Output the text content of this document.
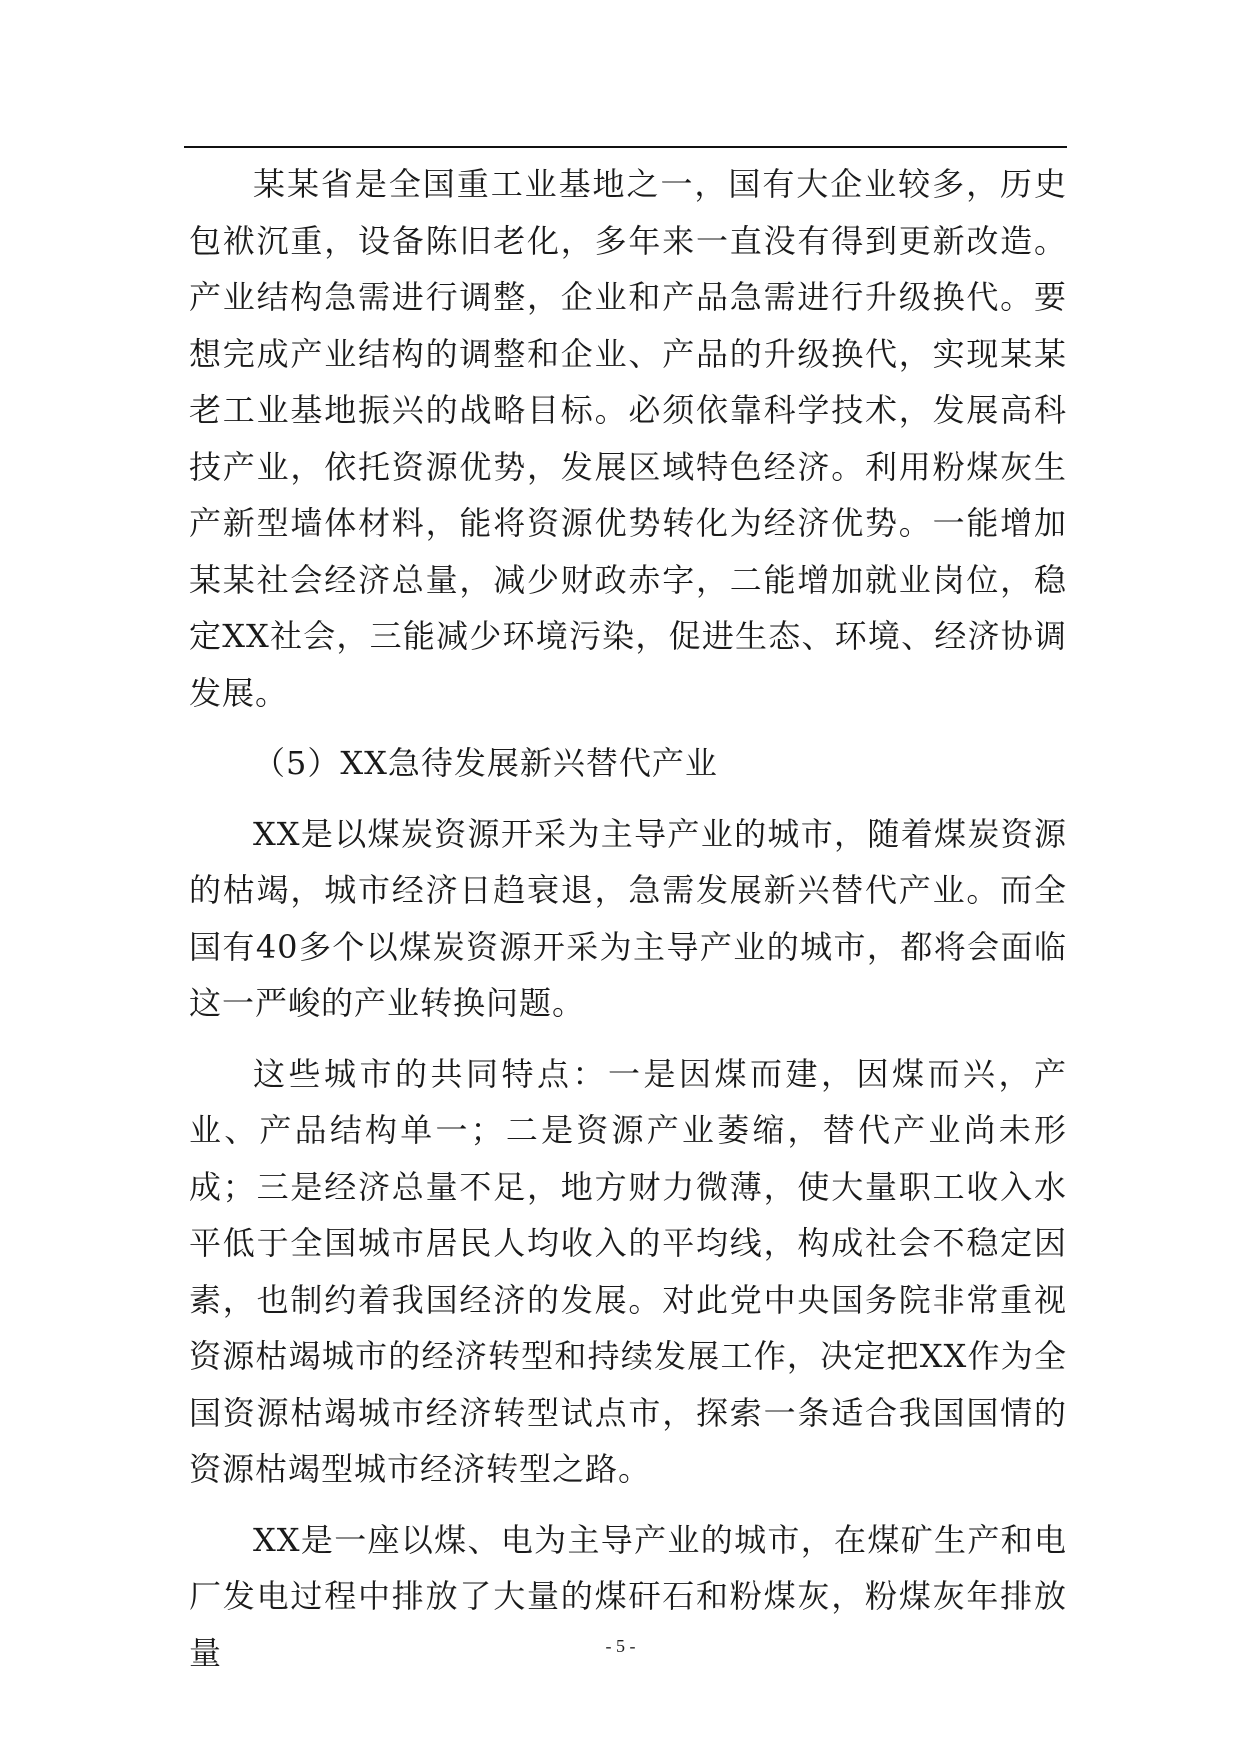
某某省是全国重工业基地之一，国有大企业较多，历史包袱沉重，设备陈旧老化，多年来一直没有得到更新改造。产业结构急需进行调整，企业和产品急需进行升级换代。要想完成产业结构的调整和企业、产品的升级换代，实现某某老工业基地振兴的战略目标。必须依靠科学技术，发展高科技产业，依托资源优势，发展区域特色经济。利用粉煤灰生产新型墙体材料，能将资源优势转化为经济优势。一能增加某某社会经济总量，减少财政赤字，二能增加就业岗位，稳定XX社会，三能减少环境污染，促进生态、环境、经济协调发展。

（5）XX急待发展新兴替代产业

XX是以煤炭资源开采为主导产业的城市，随着煤炭资源的枯竭，城市经济日趋衰退，急需发展新兴替代产业。而全国有40多个以煤炭资源开采为主导产业的城市，都将会面临这一严峻的产业转换问题。

这些城市的共同特点：一是因煤而建，因煤而兴，产业、产品结构单一；二是资源产业萎缩，替代产业尚未形成；三是经济总量不足，地方财力微薄，使大量职工收入水平低于全国城市居民人均收入的平均线，构成社会不稳定因素，也制约着我国经济的发展。对此党中央国务院非常重视资源枯竭城市的经济转型和持续发展工作，决定把XX作为全国资源枯竭城市经济转型试点市，探索一条适合我国国情的资源枯竭型城市经济转型之路。

XX是一座以煤、电为主导产业的城市，在煤矿生产和电厂发电过程中排放了大量的煤矸石和粉煤灰，粉煤灰年排放量	- 5 -
